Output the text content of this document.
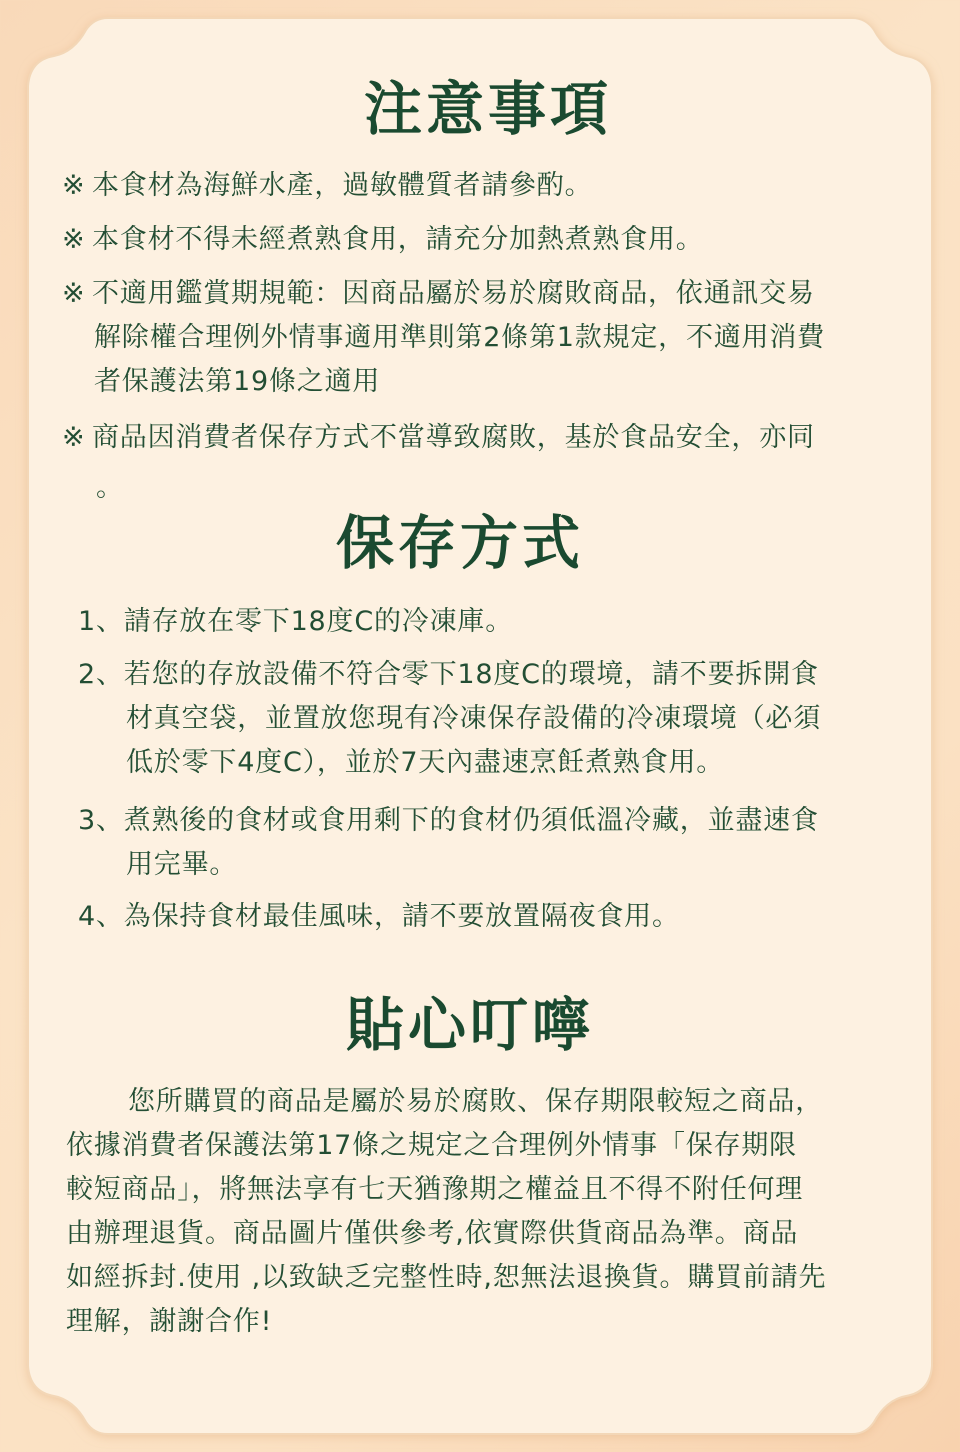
注意事項
※ 本食材為海鮮水產，過敏體質者請參酌。
※ 本食材不得未經煮熟食用，請充分加熱煮熟食用。
※ 不適用鑑賞期規範：因商品屬於易於腐敗商品，依通訊交易
解除權合理例外情事適用準則第2條第1款規定，不適用消費
者保護法第19條之適用
※ 商品因消費者保存方式不當導致腐敗，基於食品安全，亦同
。
保存方式
1、請存放在零下18度C的冷凍庫。
2、若您的存放設備不符合零下18度C的環境，請不要拆開食
材真空袋，並置放您現有冷凍保存設備的冷凍環境（必須
低於零下4度C），並於7天內盡速烹飪煮熟食用。
3、煮熟後的食材或食用剩下的食材仍須低溫冷藏，並盡速食
用完畢。
4、為保持食材最佳風味，請不要放置隔夜食用。
貼心叮嚀
您所購買的商品是屬於易於腐敗、保存期限較短之商品，
依據消費者保護法第17條之規定之合理例外情事「保存期限
較短商品」，將無法享有七天猶豫期之權益且不得不附任何理
由辦理退貨。商品圖片僅供參考,依實際供貨商品為準。商品
如經拆封.使用 ,以致缺乏完整性時,恕無法退換貨。購買前請先
理解，謝謝合作!
